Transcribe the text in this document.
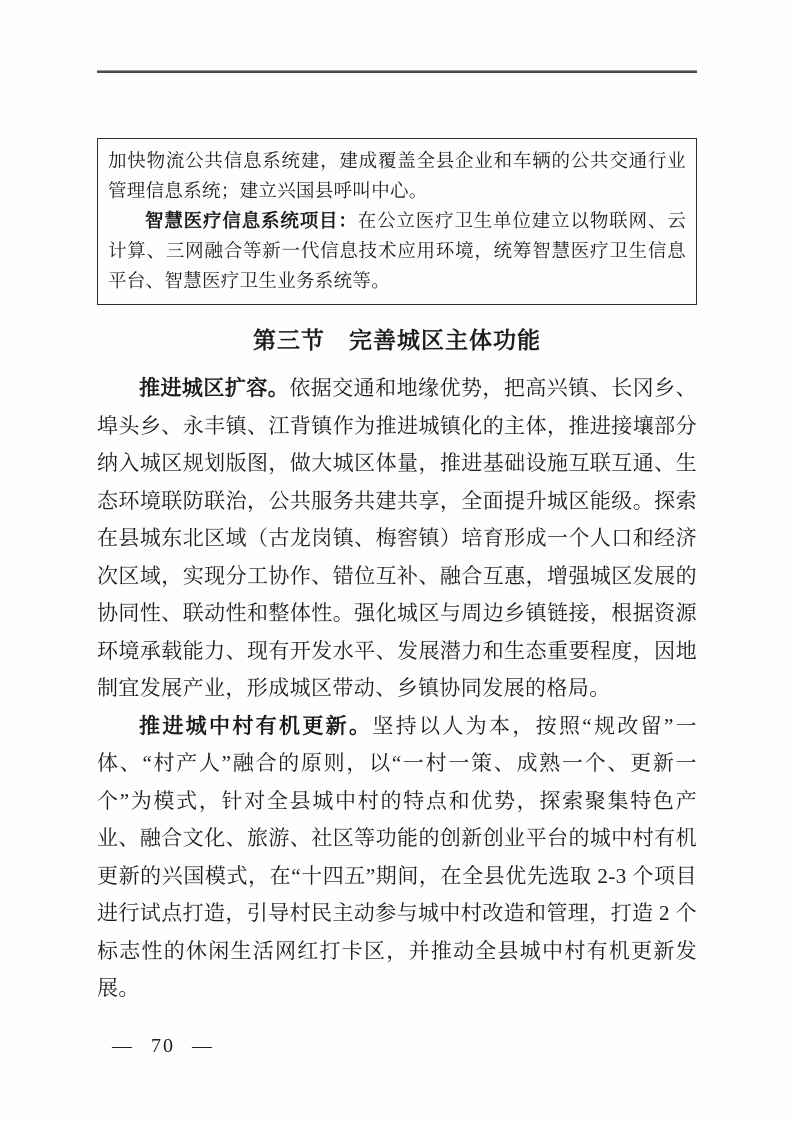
加快物流公共信息系统建，建成覆盖全县企业和车辆的公共交通行业管理信息系统；建立兴国县呼叫中心。

智慧医疗信息系统项目：在公立医疗卫生单位建立以物联网、云计算、三网融合等新一代信息技术应用环境，统筹智慧医疗卫生信息平台、智慧医疗卫生业务系统等。

第三节　完善城区主体功能

推进城区扩容。依据交通和地缘优势，把高兴镇、长冈乡、埠头乡、永丰镇、江背镇作为推进城镇化的主体，推进接壤部分纳入城区规划版图，做大城区体量，推进基础设施互联互通、生态环境联防联治，公共服务共建共享，全面提升城区能级。探索在县城东北区域（古龙岗镇、梅窖镇）培育形成一个人口和经济次区域，实现分工协作、错位互补、融合互惠，增强城区发展的协同性、联动性和整体性。强化城区与周边乡镇链接，根据资源环境承载能力、现有开发水平、发展潜力和生态重要程度，因地制宜发展产业，形成城区带动、乡镇协同发展的格局。

推进城中村有机更新。坚持以人为本，按照“规改留”一体、“村产人”融合的原则，以“一村一策、成熟一个、更新一个”为模式，针对全县城中村的特点和优势，探索聚集特色产业、融合文化、旅游、社区等功能的创新创业平台的城中村有机更新的兴国模式，在“十四五”期间，在全县优先选取 2-3 个项目进行试点打造，引导村民主动参与城中村改造和管理，打造 2 个标志性的休闲生活网红打卡区，并推动全县城中村有机更新发展。

— 70 —
